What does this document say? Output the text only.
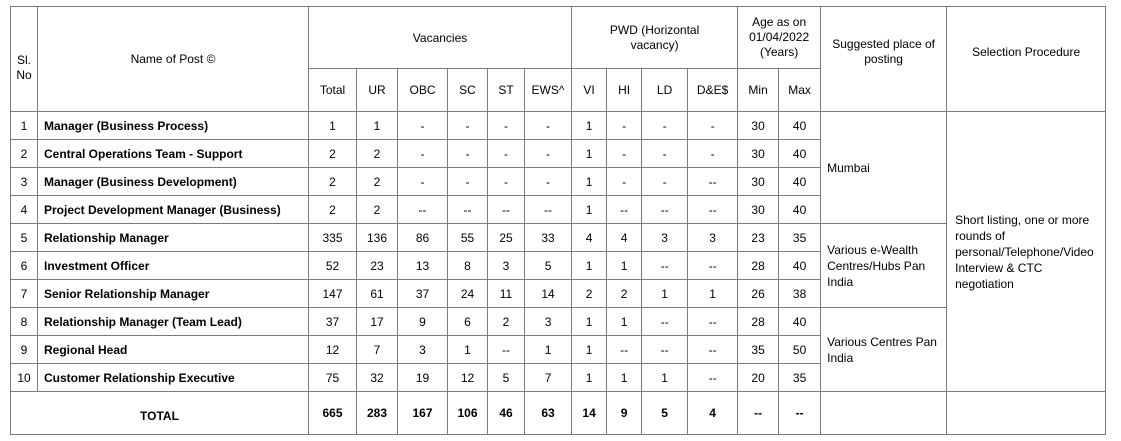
Sl. No	Name of Post ©	Vacancies						PWD (Horizontal vacancy)				Age as on 01/04/2022 (Years)		Suggested place of posting	Selection Procedure
		Total	UR	OBC	SC	ST	EWS^	VI	HI	LD	D&E$	Min	Max		
1	Manager (Business Process)	1	1	-	-	-	-	1	-	-	-	30	40	Mumbai	Short listing, one or more rounds of personal/Telephone/Video Interview & CTC negotiation
2	Central Operations Team - Support	2	2	-	-	-	-	1	-	-	-	30	40		
3	Manager (Business Development)	2	2	-	-	-	-	1	-	-	--	30	40		
4	Project Development Manager (Business)	2	2	--	--	--	--	1	--	--	--	30	40		
5	Relationship Manager	335	136	86	55	25	33	4	4	3	3	23	35	Various e-Wealth Centres/Hubs Pan India	
6	Investment Officer	52	23	13	8	3	5	1	1	--	--	28	40		
7	Senior Relationship Manager	147	61	37	24	11	14	2	2	1	1	26	38		
8	Relationship Manager (Team Lead)	37	17	9	6	2	3	1	1	--	--	28	40	Various Centres Pan India	
9	Regional Head	12	7	3	1	--	1	1	--	--	--	35	50		
10	Customer Relationship Executive	75	32	19	12	5	7	1	1	1	--	20	35		
TOTAL		665	283	167	106	46	63	14	9	5	4	--	--		
